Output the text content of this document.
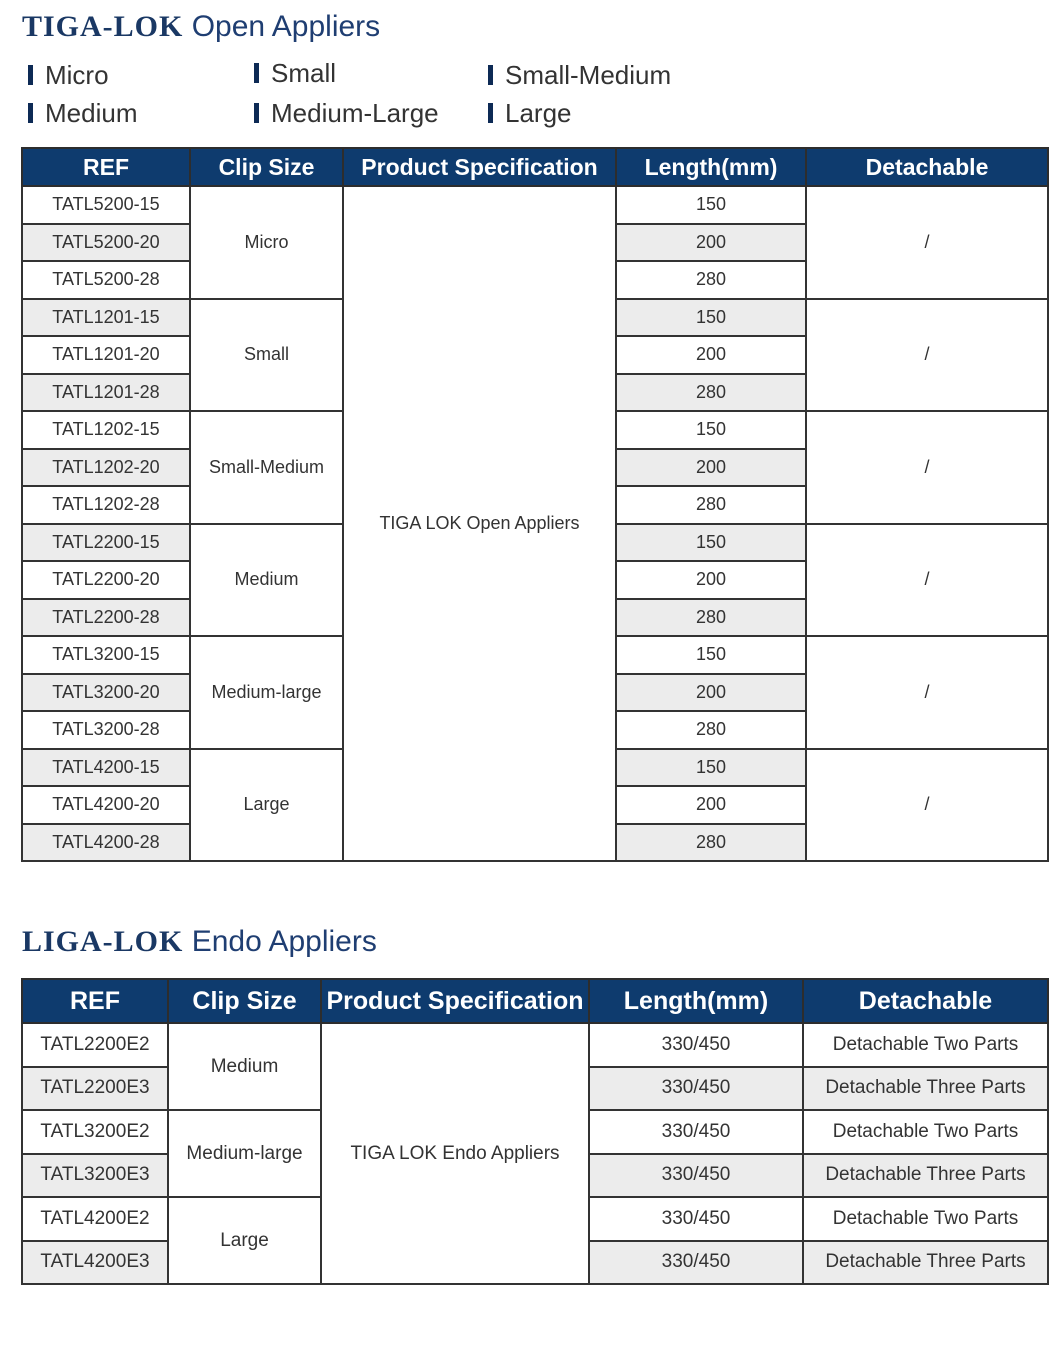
TIGA-LOK Open Appliers
Micro	Small	Small-Medium
Medium	Medium-Large	Large
REF	Clip Size	Product Specification	Length(mm)	Detachable
TATL5200-15	Micro	TIGA LOK Open Appliers	150	/
TATL5200-20			200	
TATL5200-28			280	
TATL1201-15	Small		150	/
TATL1201-20			200	
TATL1201-28			280	
TATL1202-15	Small-Medium		150	/
TATL1202-20			200	
TATL1202-28			280	
TATL2200-15	Medium		150	/
TATL2200-20			200	
TATL2200-28			280	
TATL3200-15	Medium-large		150	/
TATL3200-20			200	
TATL3200-28			280	
TATL4200-15	Large		150	/
TATL4200-20			200	
TATL4200-28			280	
LIGA-LOK Endo Appliers
REF	Clip Size	Product Specification	Length(mm)	Detachable
TATL2200E2	Medium	TIGA LOK Endo Appliers	330/450	Detachable Two Parts
TATL2200E3			330/450	Detachable Three Parts
TATL3200E2	Medium-large		330/450	Detachable Two Parts
TATL3200E3			330/450	Detachable Three Parts
TATL4200E2	Large		330/450	Detachable Two Parts
TATL4200E3			330/450	Detachable Three Parts
